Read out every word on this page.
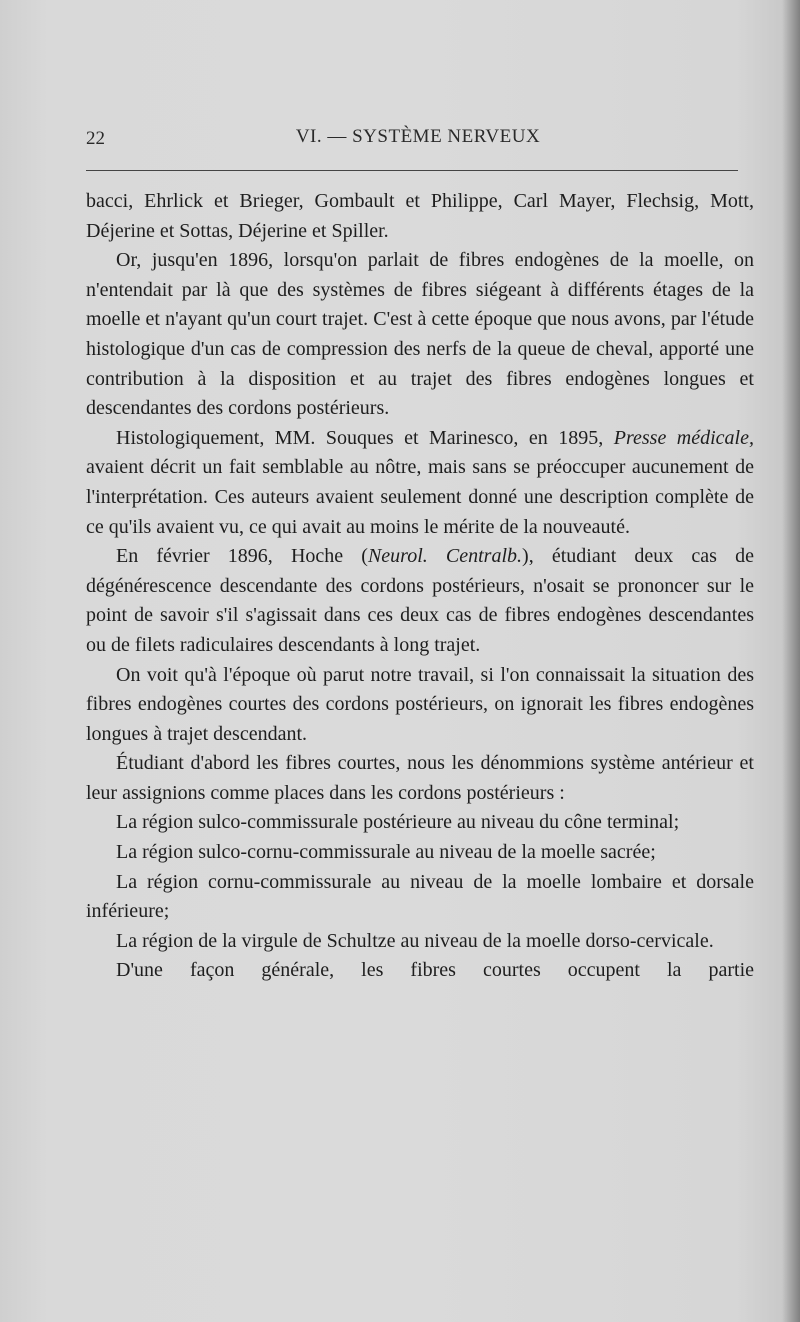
22	VI. — SYSTÈME NERVEUX

bacci, Ehrlick et Brieger, Gombault et Philippe, Carl Mayer, Flechsig, Mott, Déjerine et Sottas, Déjerine et Spiller.

Or, jusqu'en 1896, lorsqu'on parlait de fibres endogènes de la moelle, on n'entendait par là que des systèmes de fibres siégeant à différents étages de la moelle et n'ayant qu'un court trajet. C'est à cette époque que nous avons, par l'étude histologique d'un cas de compression des nerfs de la queue de cheval, apporté une contribution à la disposition et au trajet des fibres endogènes longues et descendantes des cordons postérieurs.

Histologiquement, MM. Souques et Marinesco, en 1895, Presse médicale, avaient décrit un fait semblable au nôtre, mais sans se préoccuper aucunement de l'interprétation. Ces auteurs avaient seulement donné une description complète de ce qu'ils avaient vu, ce qui avait au moins le mérite de la nouveauté.

En février 1896, Hoche (Neurol. Centralb.), étudiant deux cas de dégénérescence descendante des cordons postérieurs, n'osait se prononcer sur le point de savoir s'il s'agissait dans ces deux cas de fibres endogènes descendantes ou de filets radiculaires descendants à long trajet.

On voit qu'à l'époque où parut notre travail, si l'on connaissait la situation des fibres endogènes courtes des cordons postérieurs, on ignorait les fibres endogènes longues à trajet descendant.

Étudiant d'abord les fibres courtes, nous les dénommions système antérieur et leur assignions comme places dans les cordons postérieurs :

La région sulco-commissurale postérieure au niveau du cône terminal;

La région sulco-cornu-commissurale au niveau de la moelle sacrée;

La région cornu-commissurale au niveau de la moelle lombaire et dorsale inférieure;

La région de la virgule de Schultze au niveau de la moelle dorso-cervicale.

D'une façon générale, les fibres courtes occupent la partie
